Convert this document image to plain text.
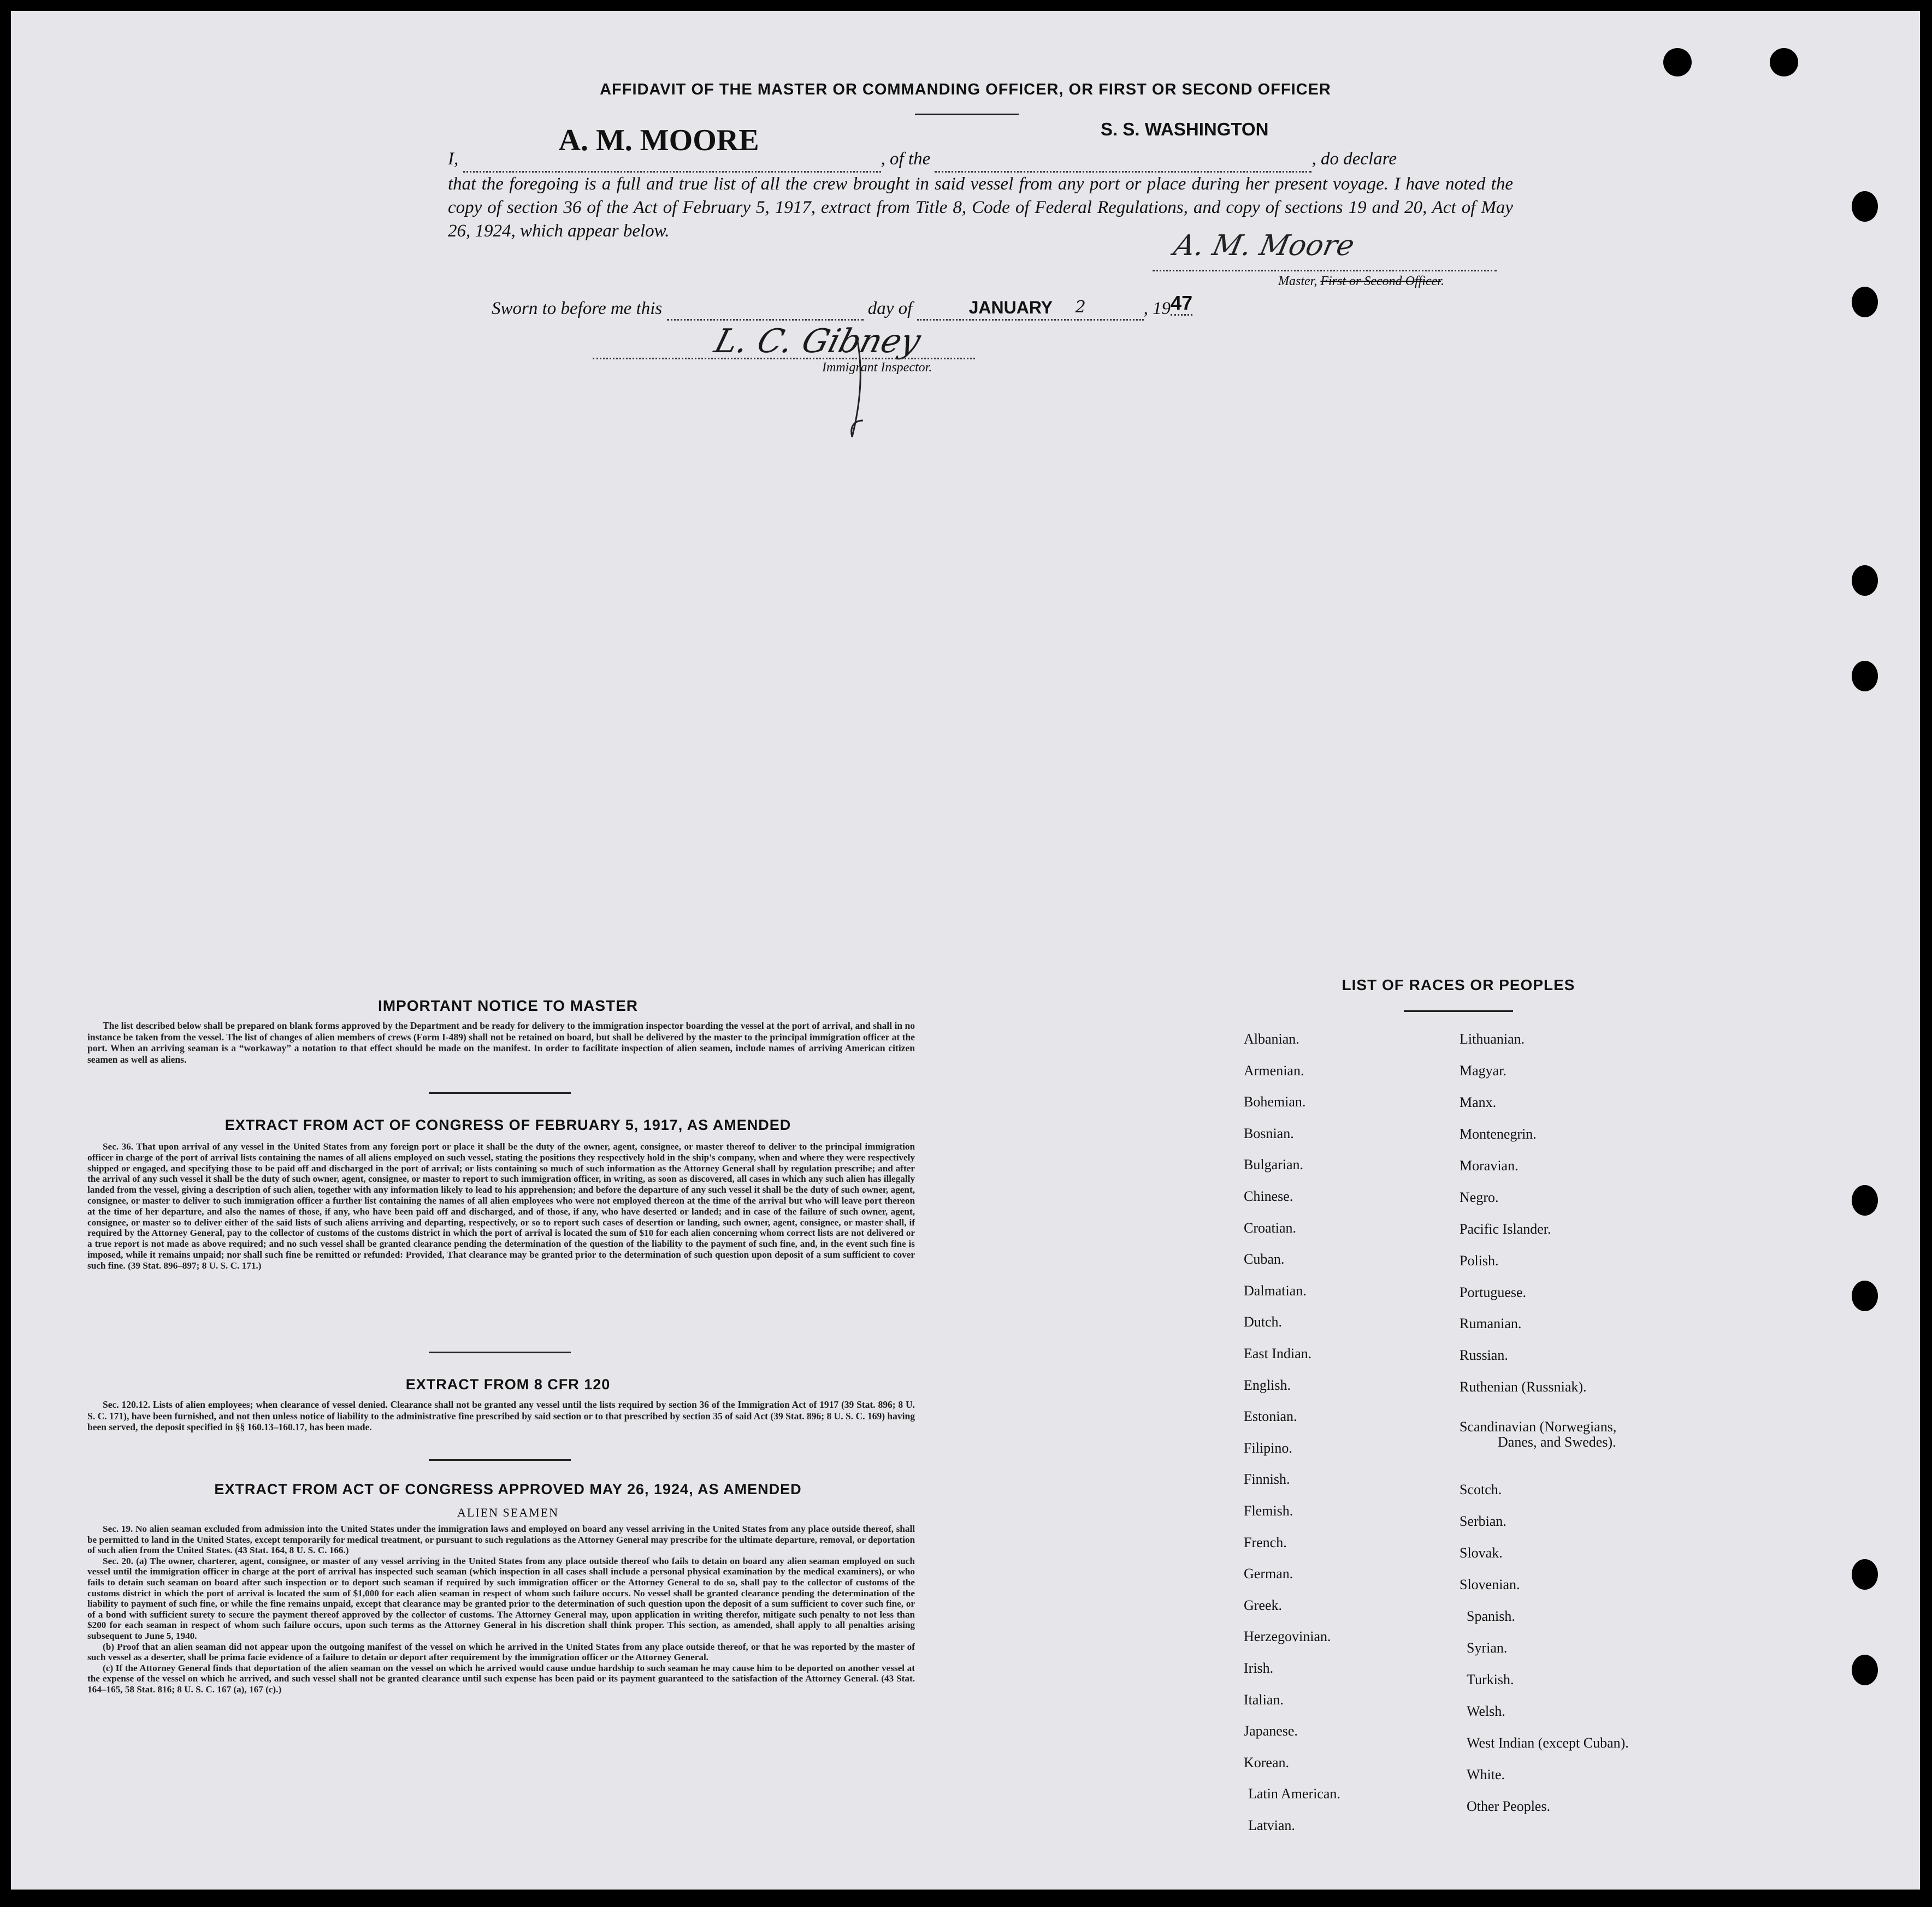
AFFIDAVIT OF THE MASTER OR COMMANDING OFFICER, OR FIRST OR SECOND OFFICER
S. S. WASHINGTON
I,
A. M. MOORE
, of the	, do declare
that the foregoing is a full and true list of all the crew brought in said vessel from any port or place during her present voyage. I have noted the copy of section 36 of the Act of February 5, 1917, extract from Title 8, Code of Federal Regulations, and copy of sections 19 and 20, Act of May 26, 1924, which appear below.	A. M. Moore
Master, First or Second Officer.
Sworn to before me this	day of	JANUARY 2	, 1947
L. C. Gibney
Immigrant Inspector.
IMPORTANT NOTICE TO MASTER

The list described below shall be prepared on blank forms approved by the Department and be ready for delivery to the immigration inspector boarding the vessel at the port of arrival, and shall in no instance be taken from the vessel. The list of changes of alien members of crews (Form I-489) shall not be retained on board, but shall be delivered by the master to the principal immigration officer at the port. When an arriving seaman is a “workaway” a notation to that effect should be made on the manifest. In order to facilitate inspection of alien seamen, include names of arriving American citizen seamen as well as aliens.

EXTRACT FROM ACT OF CONGRESS OF FEBRUARY 5, 1917, AS AMENDED

Sec. 36. That upon arrival of any vessel in the United States from any foreign port or place it shall be the duty of the owner, agent, consignee, or master thereof to deliver to the principal immigration officer in charge of the port of arrival lists containing the names of all aliens employed on such vessel, stating the positions they respectively hold in the ship's company, when and where they were respectively shipped or engaged, and specifying those to be paid off and discharged in the port of arrival; or lists containing so much of such information as the Attorney General shall by regulation prescribe; and after the arrival of any such vessel it shall be the duty of such owner, agent, consignee, or master to report to such immigration officer, in writing, as soon as discovered, all cases in which any such alien has illegally landed from the vessel, giving a description of such alien, together with any information likely to lead to his apprehension; and before the departure of any such vessel it shall be the duty of such owner, agent, consignee, or master to deliver to such immigration officer a further list containing the names of all alien employees who were not employed thereon at the time of the arrival but who will leave port thereon at the time of her departure, and also the names of those, if any, who have been paid off and discharged, and of those, if any, who have deserted or landed; and in case of the failure of such owner, agent, consignee, or master so to deliver either of the said lists of such aliens arriving and departing, respectively, or so to report such cases of desertion or landing, such owner, agent, consignee, or master shall, if required by the Attorney General, pay to the collector of customs of the customs district in which the port of arrival is located the sum of $10 for each alien concerning whom correct lists are not delivered or a true report is not made as above required; and no such vessel shall be granted clearance pending the determination of the question of the liability to the payment of such fine, and, in the event such fine is imposed, while it remains unpaid; nor shall such fine be remitted or refunded: Provided, That clearance may be granted prior to the determination of such question upon deposit of a sum sufficient to cover such fine. (39 Stat. 896–897; 8 U. S. C. 171.)

EXTRACT FROM 8 CFR 120

Sec. 120.12. Lists of alien employees; when clearance of vessel denied. Clearance shall not be granted any vessel until the lists required by section 36 of the Immigration Act of 1917 (39 Stat. 896; 8 U. S. C. 171), have been furnished, and not then unless notice of liability to the administrative fine prescribed by said section or to that prescribed by section 35 of said Act (39 Stat. 896; 8 U. S. C. 169) having been served, the deposit specified in §§ 160.13–160.17, has been made.

EXTRACT FROM ACT OF CONGRESS APPROVED MAY 26, 1924, AS AMENDED
ALIEN SEAMEN

Sec. 19. No alien seaman excluded from admission into the United States under the immigration laws and employed on board any vessel arriving in the United States from any place outside thereof, shall be permitted to land in the United States, except temporarily for medical treatment, or pursuant to such regulations as the Attorney General may prescribe for the ultimate departure, removal, or deportation of such alien from the United States. (43 Stat. 164, 8 U. S. C. 166.)

Sec. 20. (a) The owner, charterer, agent, consignee, or master of any vessel arriving in the United States from any place outside thereof who fails to detain on board any alien seaman employed on such vessel until the immigration officer in charge at the port of arrival has inspected such seaman (which inspection in all cases shall include a personal physical examination by the medical examiners), or who fails to detain such seaman on board after such inspection or to deport such seaman if required by such immigration officer or the Attorney General to do so, shall pay to the collector of customs of the customs district in which the port of arrival is located the sum of $1,000 for each alien seaman in respect of whom such failure occurs. No vessel shall be granted clearance pending the determination of the liability to payment of such fine, or while the fine remains unpaid, except that clearance may be granted prior to the determination of such question upon the deposit of a sum sufficient to cover such fine, or of a bond with sufficient surety to secure the payment thereof approved by the collector of customs. The Attorney General may, upon application in writing therefor, mitigate such penalty to not less than $200 for each seaman in respect of whom such failure occurs, upon such terms as the Attorney General in his discretion shall think proper. This section, as amended, shall apply to all penalties arising subsequent to June 5, 1940.

(b) Proof that an alien seaman did not appear upon the outgoing manifest of the vessel on which he arrived in the United States from any place outside thereof, or that he was reported by the master of such vessel as a deserter, shall be prima facie evidence of a failure to detain or deport after requirement by the immigration officer or the Attorney General.

(c) If the Attorney General finds that deportation of the alien seaman on the vessel on which he arrived would cause undue hardship to such seaman he may cause him to be deported on another vessel at the expense of the vessel on which he arrived, and such vessel shall not be granted clearance until such expense has been paid or its payment guaranteed to the satisfaction of the Attorney General. (43 Stat. 164–165, 58 Stat. 816; 8 U. S. C. 167 (a), 167 (c).)

LIST OF RACES OR PEOPLES
Albanian.
Armenian.
Bohemian.
Bosnian.
Bulgarian.
Chinese.
Croatian.
Cuban.
Dalmatian.
Dutch.
East Indian.
English.
Estonian.
Filipino.
Finnish.
Flemish.
French.
German.
Greek.
Herzegovinian.
Irish.
Italian.
Japanese.
Korean.
Latin American.
Latvian.
Lithuanian.
Magyar.
Manx.
Montenegrin.
Moravian.
Negro.
Pacific Islander.
Polish.
Portuguese.
Rumanian.
Russian.
Ruthenian (Russniak).
Scandinavian (Norwegians,
Danes, and Swedes).
Scotch.
Serbian.
Slovak.
Slovenian.
Spanish.
Syrian.
Turkish.
Welsh.
West Indian (except Cuban).
White.
Other Peoples.
